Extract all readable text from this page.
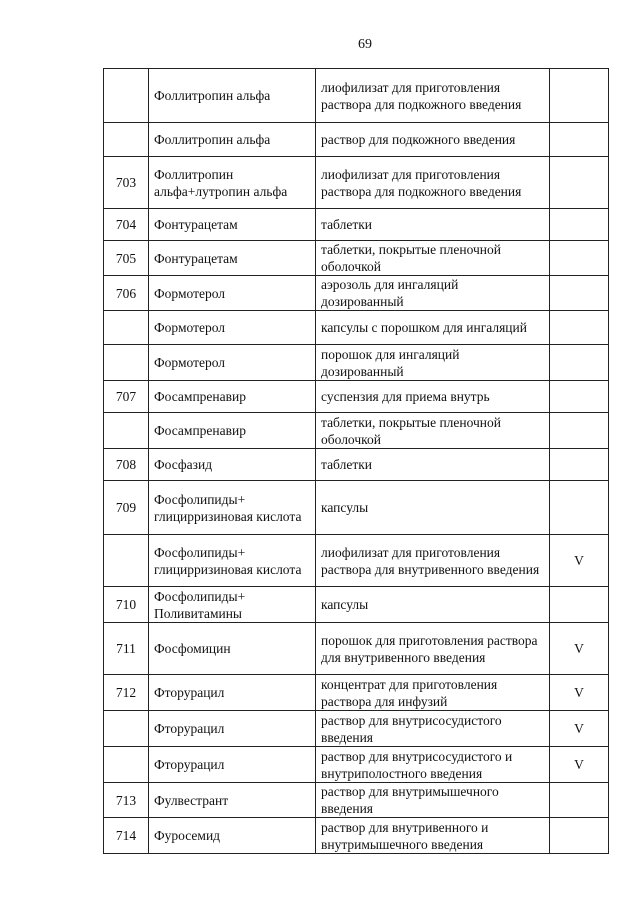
69
	Фоллитропин альфа	лиофилизат для приготовления раствора для подкожного введения	
	Фоллитропин альфа	раствор для подкожного введения	
703	Фоллитропин альфа+лутропин альфа	лиофилизат для приготовления раствора для подкожного введения	
704	Фонтурацетам	таблетки	
705	Фонтурацетам	таблетки, покрытые пленочной оболочкой	
706	Формотерол	аэрозоль для ингаляций дозированный	
	Формотерол	капсулы с порошком для ингаляций	
	Формотерол	порошок для ингаляций дозированный	
707	Фосампренавир	суспензия для приема внутрь	
	Фосампренавир	таблетки, покрытые пленочной оболочкой	
708	Фосфазид	таблетки	
709	Фосфолипиды+ глицирризиновая кислота	капсулы	
	Фосфолипиды+ глицирризиновая кислота	лиофилизат для приготовления раствора для внутривенного введения	V
710	Фосфолипиды+ Поливитамины	капсулы	
711	Фосфомицин	порошок для приготовления раствора для внутривенного введения	V
712	Фторурацил	концентрат для приготовления раствора для инфузий	V
	Фторурацил	раствор для внутрисосудистого введения	V
	Фторурацил	раствор для внутрисосудистого и внутриполостного введения	V
713	Фулвестрант	раствор для внутримышечного введения	
714	Фуросемид	раствор для внутривенного и внутримышечного введения	
